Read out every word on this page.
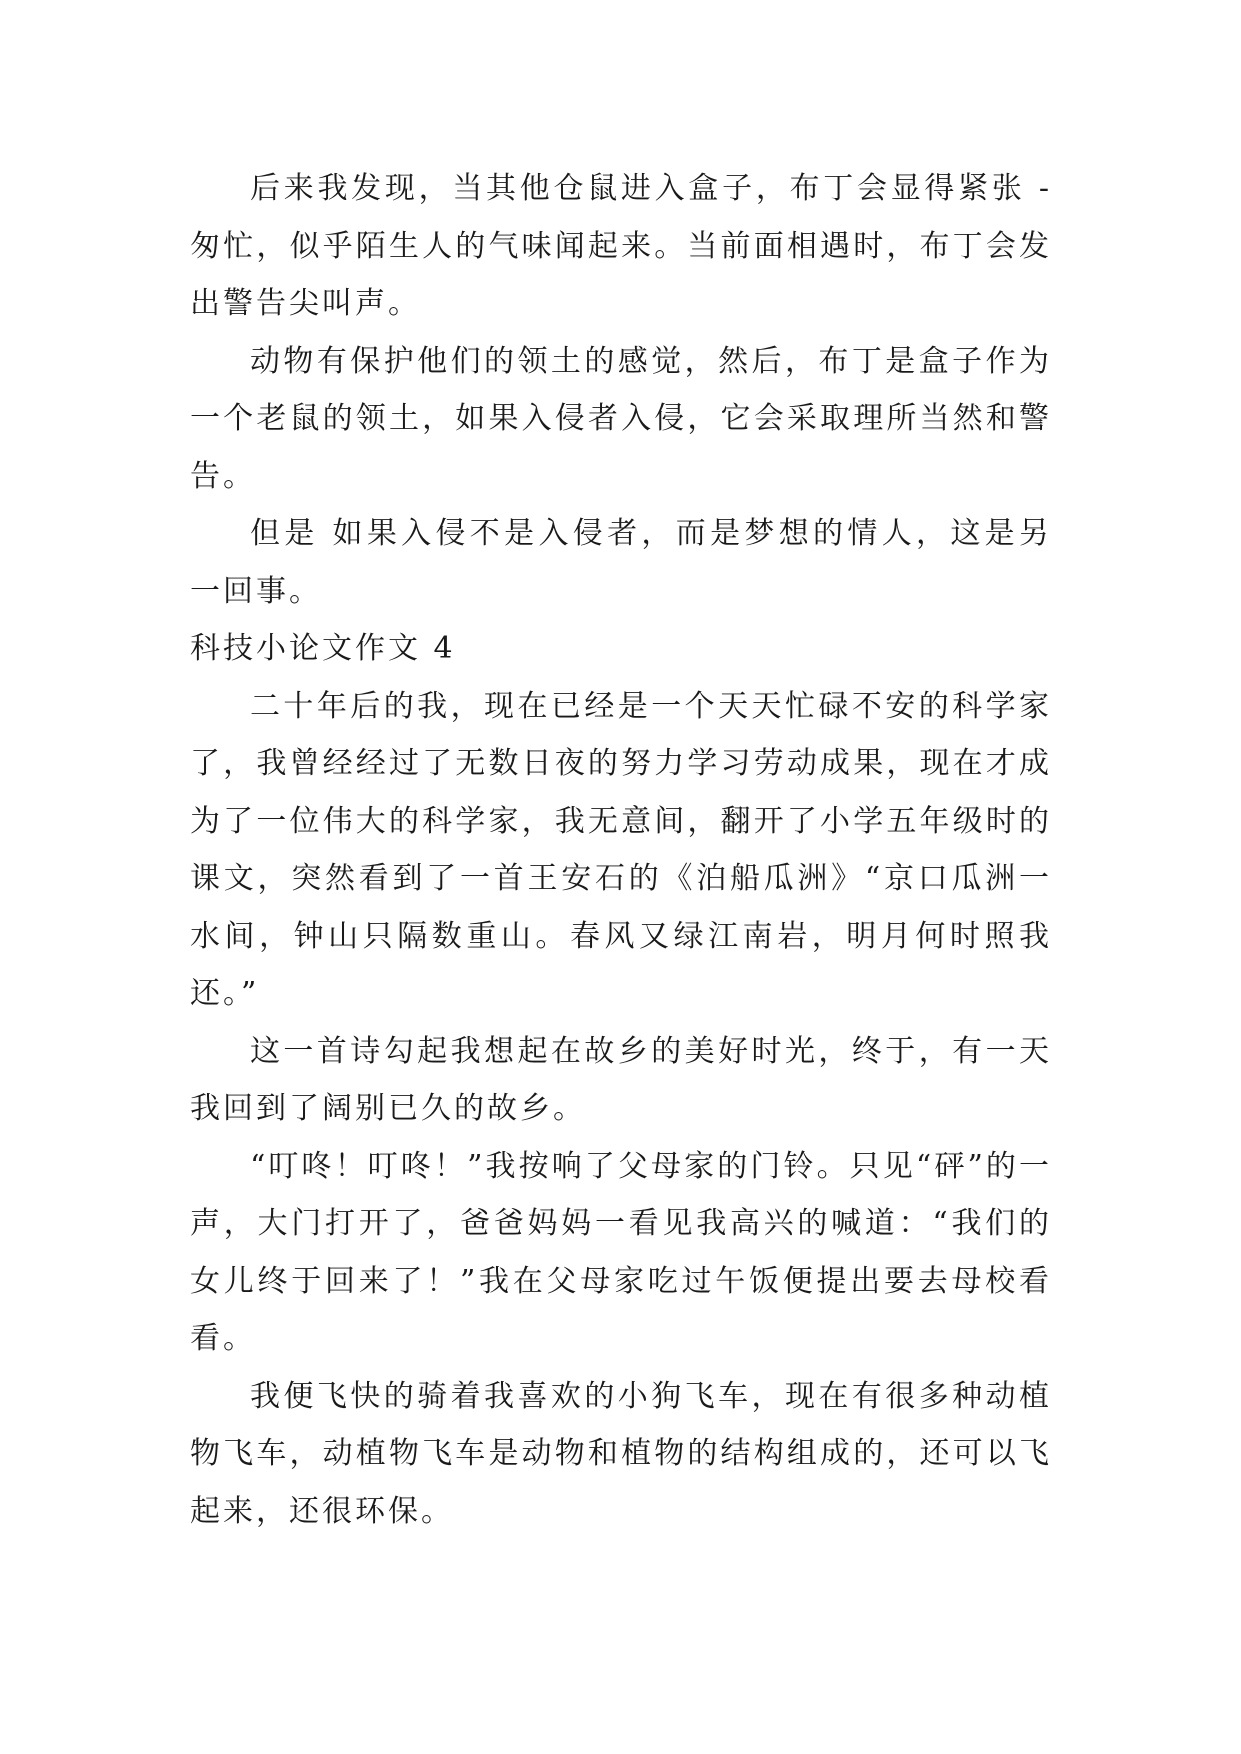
后来我发现，当其他仓鼠进入盒子，布丁会显得紧张 -匆忙，似乎陌生人的气味闻起来。当前面相遇时，布丁会发出警告尖叫声。

动物有保护他们的领土的感觉，然后，布丁是盒子作为一个老鼠的领土，如果入侵者入侵，它会采取理所当然和警告。

但是 如果入侵不是入侵者，而是梦想的情人，这是另一回事。

科技小论文作文 4

二十年后的我，现在已经是一个天天忙碌不安的科学家了，我曾经经过了无数日夜的努力学习劳动成果，现在才成为了一位伟大的科学家，我无意间，翻开了小学五年级时的课文，突然看到了一首王安石的《泊船瓜洲》“京口瓜洲一水间，钟山只隔数重山。春风又绿江南岩，明月何时照我还。”

这一首诗勾起我想起在故乡的美好时光，终于，有一天我回到了阔别已久的故乡。

“叮咚！叮咚！”我按响了父母家的门铃。只见“砰”的一声，大门打开了，爸爸妈妈一看见我高兴的喊道：“我们的女儿终于回来了！”我在父母家吃过午饭便提出要去母校看看。

我便飞快的骑着我喜欢的小狗飞车，现在有很多种动植物飞车，动植物飞车是动物和植物的结构组成的，还可以飞起来，还很环保。
